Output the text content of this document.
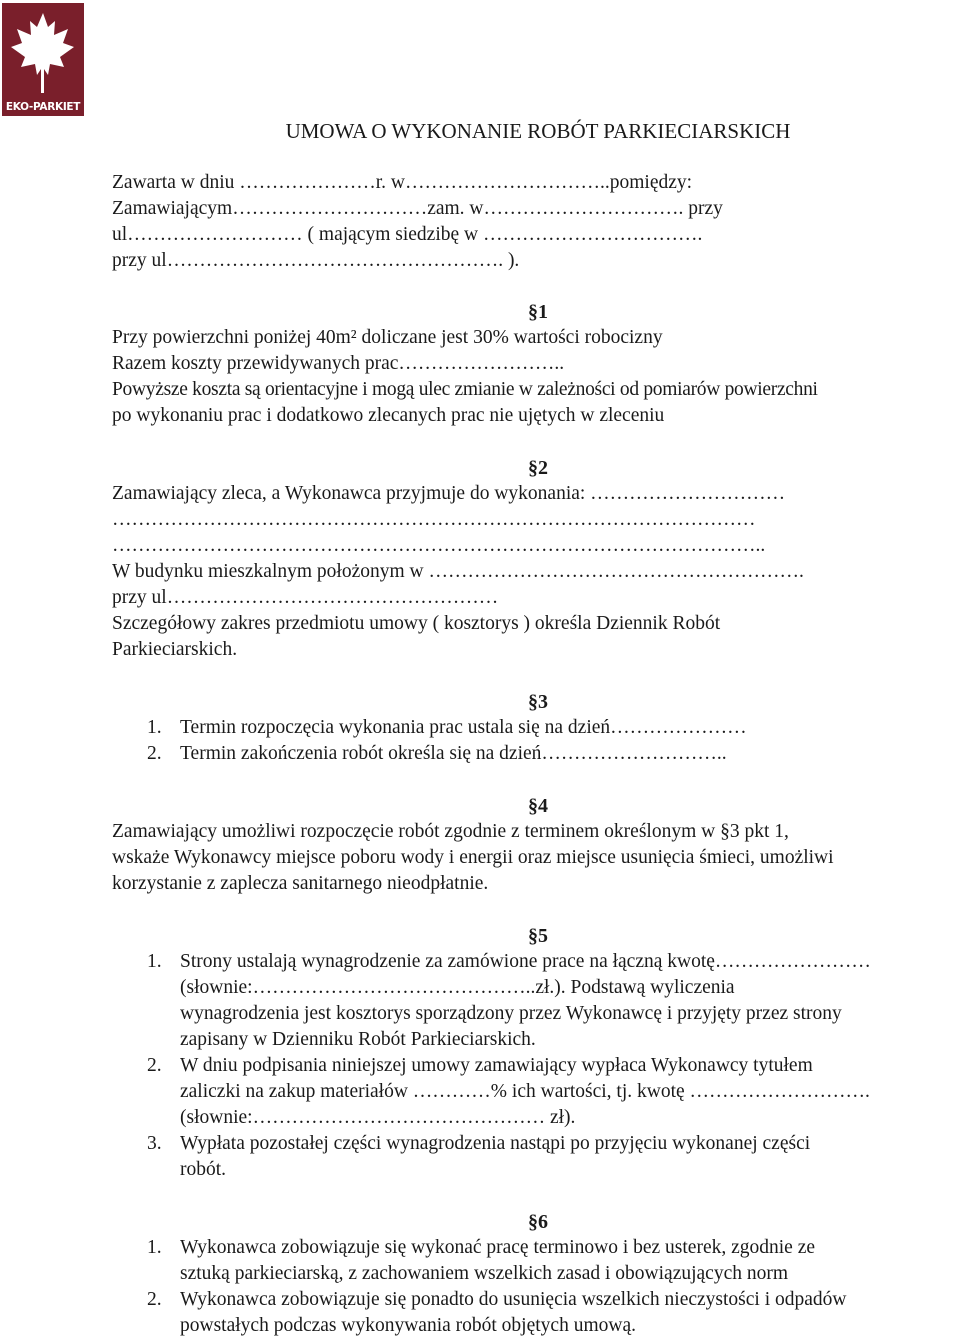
EKO-PARKIET
UMOWA O WYKONANIE ROBÓT PARKIECIARSKICH
Zawarta w dniu …………………r. w…………………………..pomiędzy:
Zamawiającym…………………………zam. w…………………………. przy
ul……………………… ( mającym siedzibę w …………………………….
przy ul……………………………………………. ).
§1
Przy powierzchni poniżej 40m² doliczane jest 30% wartości robocizny
Razem koszty przewidywanych prac……………………..
Powyższe koszta są orientacyjne i mogą ulec zmianie w zależności od pomiarów powierzchni
po wykonaniu prac i dodatkowo zlecanych prac nie ujętych w zleceniu
§2
Zamawiający zleca, a Wykonawca przyjmuje do wykonania: …………………………
………………………………………………………………………………………
………………………………………………………………………………………..
W budynku mieszkalnym położonym w ………………………………………………….
przy ul……………………………………………
Szczegółowy zakres przedmiotu umowy ( kosztorys ) określa Dziennik Robót
Parkieciarskich.
§3
1. Termin rozpoczęcia wykonania prac ustala się na dzień…………………
2. Termin zakończenia robót określa się na dzień………………………..
§4
Zamawiający umożliwi rozpoczęcie robót zgodnie z terminem określonym w §3 pkt 1,
wskaże Wykonawcy miejsce poboru wody i energii oraz miejsce usunięcia śmieci, umożliwi
korzystanie z zaplecza sanitarnego nieodpłatnie.
§5
1. Strony ustalają wynagrodzenie za zamówione prace na łączną kwotę……………………
(słownie:……………………………………..zł.). Podstawą wyliczenia
wynagrodzenia jest kosztorys sporządzony przez Wykonawcę i przyjęty przez strony
zapisany w Dzienniku Robót Parkieciarskich.
2. W dniu podpisania niniejszej umowy zamawiający wypłaca Wykonawcy tytułem
zaliczki na zakup materiałów …………% ich wartości, tj. kwotę ……………………….
(słownie:……………………………………… zł).
3. Wypłata pozostałej części wynagrodzenia nastąpi po przyjęciu wykonanej części
robót.
§6
1. Wykonawca zobowiązuje się wykonać pracę terminowo i bez usterek, zgodnie ze
sztuką parkieciarską, z zachowaniem wszelkich zasad i obowiązujących norm
2. Wykonawca zobowiązuje się ponadto do usunięcia wszelkich nieczystości i odpadów
powstałych podczas wykonywania robót objętych umową.
